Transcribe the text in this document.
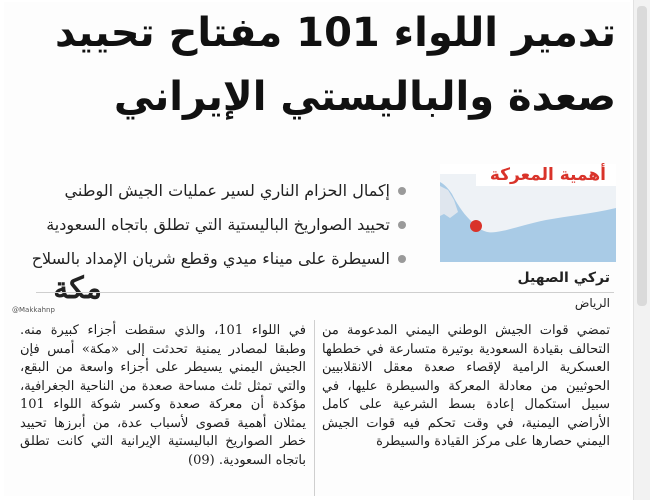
تدمير اللواء 101 مفتاح تحييد
صعدة والباليستي الإيراني
أهمية المعركة
إكمال الحزام الناري لسير عمليات الجيش الوطني
تحييد الصواريخ الباليستية التي تطلق باتجاه السعودية
السيطرة على ميناء ميدي وقطع شريان الإمداد بالسلاح
مكة
@Makkahnp
تركي الصهيل
الرياض

تمضي قوات الجيش الوطني اليمني المدعومة من التحالف بقيادة السعودية بوتيرة متسارعة في خططها العسكرية الرامية لإقصاء صعدة معقل الانقلابيين الحوثيين من معادلة المعركة والسيطرة عليها، في سبيل استكمال إعادة بسط الشرعية على كامل الأراضي اليمنية، في وقت تحكم فيه قوات الجيش اليمني حصارها على مركز القيادة والسيطرة

في اللواء 101، والذي سقطت أجزاء كبيرة منه. وطبقا لمصادر يمنية تحدثت إلى «مكة» أمس فإن الجيش اليمني يسيطر على أجزاء واسعة من البقع، والتي تمثل ثلث مساحة صعدة من الناحية الجغرافية، مؤكدة أن معركة صعدة وكسر شوكة اللواء 101 يمثلان أهمية قصوى لأسباب عدة، من أبرزها تحييد خطر الصواريخ الباليستية الإيرانية التي كانت تطلق باتجاه السعودية. (09)
